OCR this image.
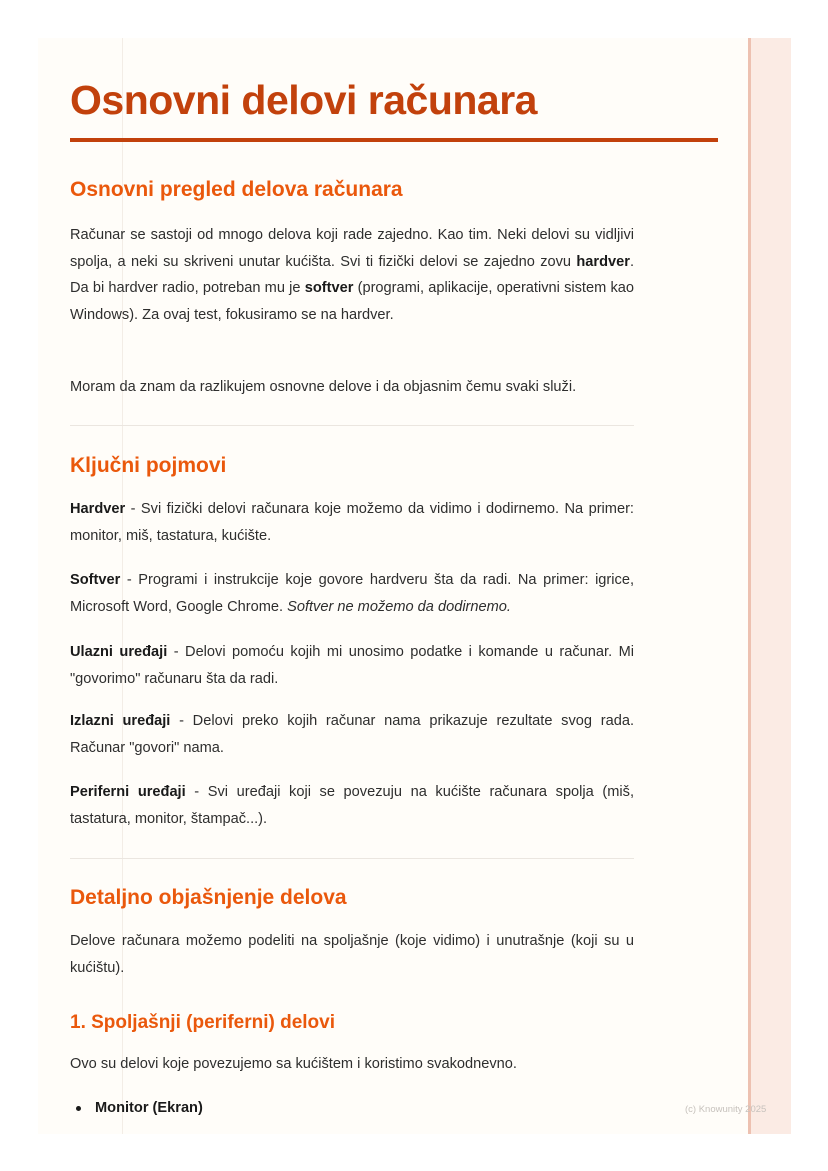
Osnovni delovi računara
Osnovni pregled delova računara

Računar se sastoji od mnogo delova koji rade zajedno. Kao tim. Neki delovi su vidljivi spolja, a neki su skriveni unutar kućišta. Svi ti fizički delovi se zajedno zovu hardver. Da bi hardver radio, potreban mu je softver (programi, aplikacije, operativni sistem kao Windows). Za ovaj test, fokusiramo se na hardver.

Moram da znam da razlikujem osnovne delove i da objasnim čemu svaki služi.

Ključni pojmovi

Hardver - Svi fizički delovi računara koje možemo da vidimo i dodirnemo. Na primer: monitor, miš, tastatura, kućište.

Softver - Programi i instrukcije koje govore hardveru šta da radi. Na primer: igrice, Microsoft Word, Google Chrome. Softver ne možemo da dodirnemo.

Ulazni uređaji - Delovi pomoću kojih mi unosimo podatke i komande u računar. Mi "govorimo" računaru šta da radi.

Izlazni uređaji - Delovi preko kojih računar nama prikazuje rezultate svog rada. Računar "govori" nama.

Periferni uređaji - Svi uređaji koji se povezuju na kućište računara spolja (miš, tastatura, monitor, štampač...).

Detaljno objašnjenje delova

Delove računara možemo podeliti na spoljašnje (koje vidimo) i unutrašnje (koji su u kućištu).

1. Spoljašnji (periferni) delovi

Ovo su delovi koje povezujemo sa kućištem i koristimo svakodnevno.

Monitor (Ekran)	(c) Knowunity 2025
